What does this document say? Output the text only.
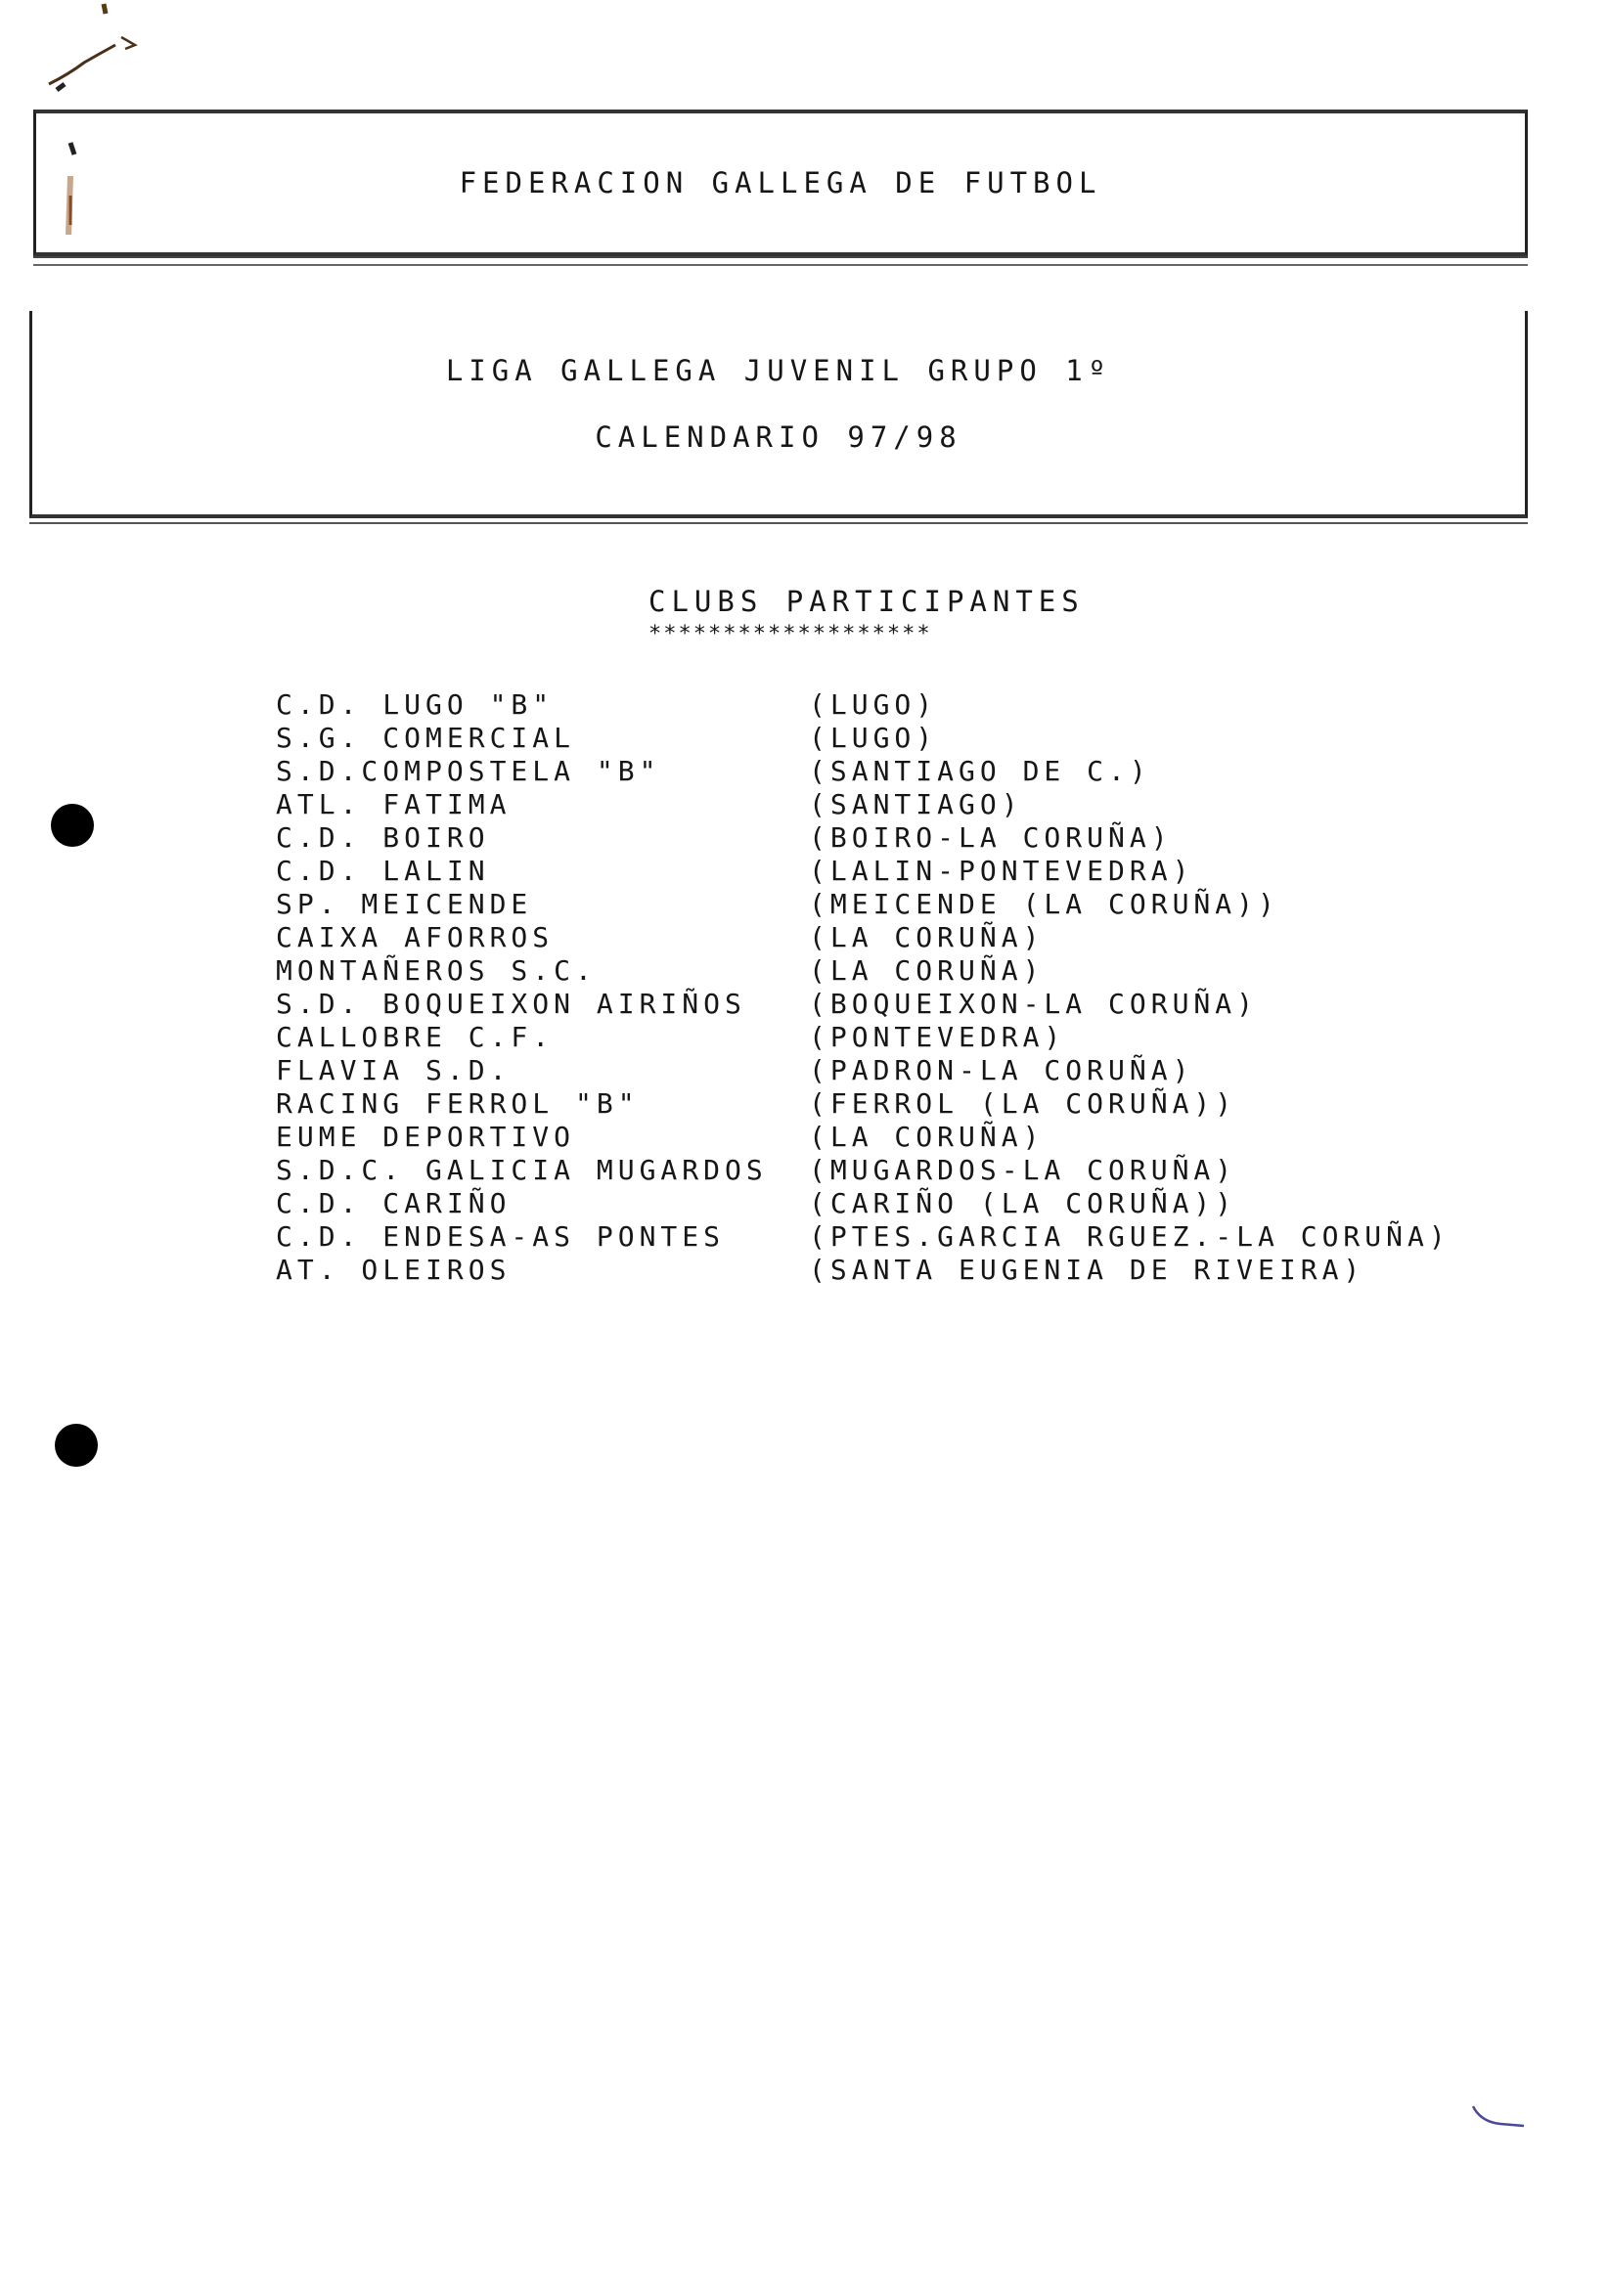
FEDERACION GALLEGA DE FUTBOL
LIGA GALLEGA JUVENIL GRUPO 1º
CALENDARIO 97/98
CLUBS PARTICIPANTES
*******************
C.D. LUGO "B"	(LUGO)
S.G. COMERCIAL	(LUGO)
S.D.COMPOSTELA "B"	(SANTIAGO DE C.)
ATL. FATIMA	(SANTIAGO)
C.D. BOIRO	(BOIRO-LA CORUÑA)
C.D. LALIN	(LALIN-PONTEVEDRA)
SP. MEICENDE	(MEICENDE (LA CORUÑA))
CAIXA AFORROS	(LA CORUÑA)
MONTAÑEROS S.C.	(LA CORUÑA)
S.D. BOQUEIXON AIRIÑOS (BOQUEIXON-LA CORUÑA)
CALLOBRE C.F.	(PONTEVEDRA)
FLAVIA S.D.	(PADRON-LA CORUÑA)
RACING FERROL "B"	(FERROL (LA CORUÑA))
EUME DEPORTIVO	(LA CORUÑA)
S.D.C. GALICIA MUGARDOS (MUGARDOS-LA CORUÑA)
C.D. CARIÑO	(CARIÑO (LA CORUÑA))
C.D. ENDESA-AS PONTES	(PTES.GARCIA RGUEZ.-LA CORUÑA)
AT. OLEIROS	(SANTA EUGENIA DE RIVEIRA)
